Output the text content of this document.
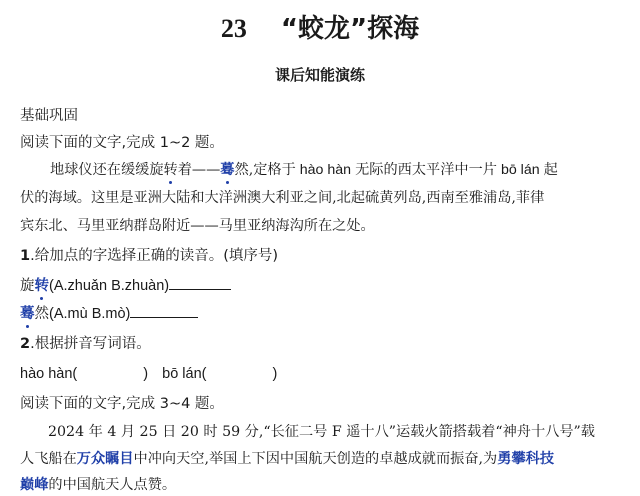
23 “蛟龙”探海
课后知能演练
基础巩固
阅读下面的文字,完成 1~2 题。
地球仪还在缓缓旋转着——蓦然,定格于 hào hàn 无际的西太平洋中一片 bō lán 起
伏的海域。这里是亚洲大陆和大洋洲澳大利亚之间,北起硫黄列岛,西南至雅浦岛,菲律
宾东北、马里亚纳群岛附近——马里亚纳海沟所在之处。
1.给加点的字选择正确的读音。(填序号)
旋转(A.zhuǎn B.zhuàn)
蓦然(A.mù B.mò)
2.根据拼音写词语。
hào hàn(	) bō lán(	)
阅读下面的文字,完成 3~4 题。
2024 年 4 月 25 日 20 时 59 分,“长征二号 F 遥十八”运载火箭搭载着“神舟十八号”载
人飞船在万众瞩目中冲向天空,举国上下因中国航天创造的卓越成就而振奋,为勇攀科技
巅峰的中国航天人点赞。
